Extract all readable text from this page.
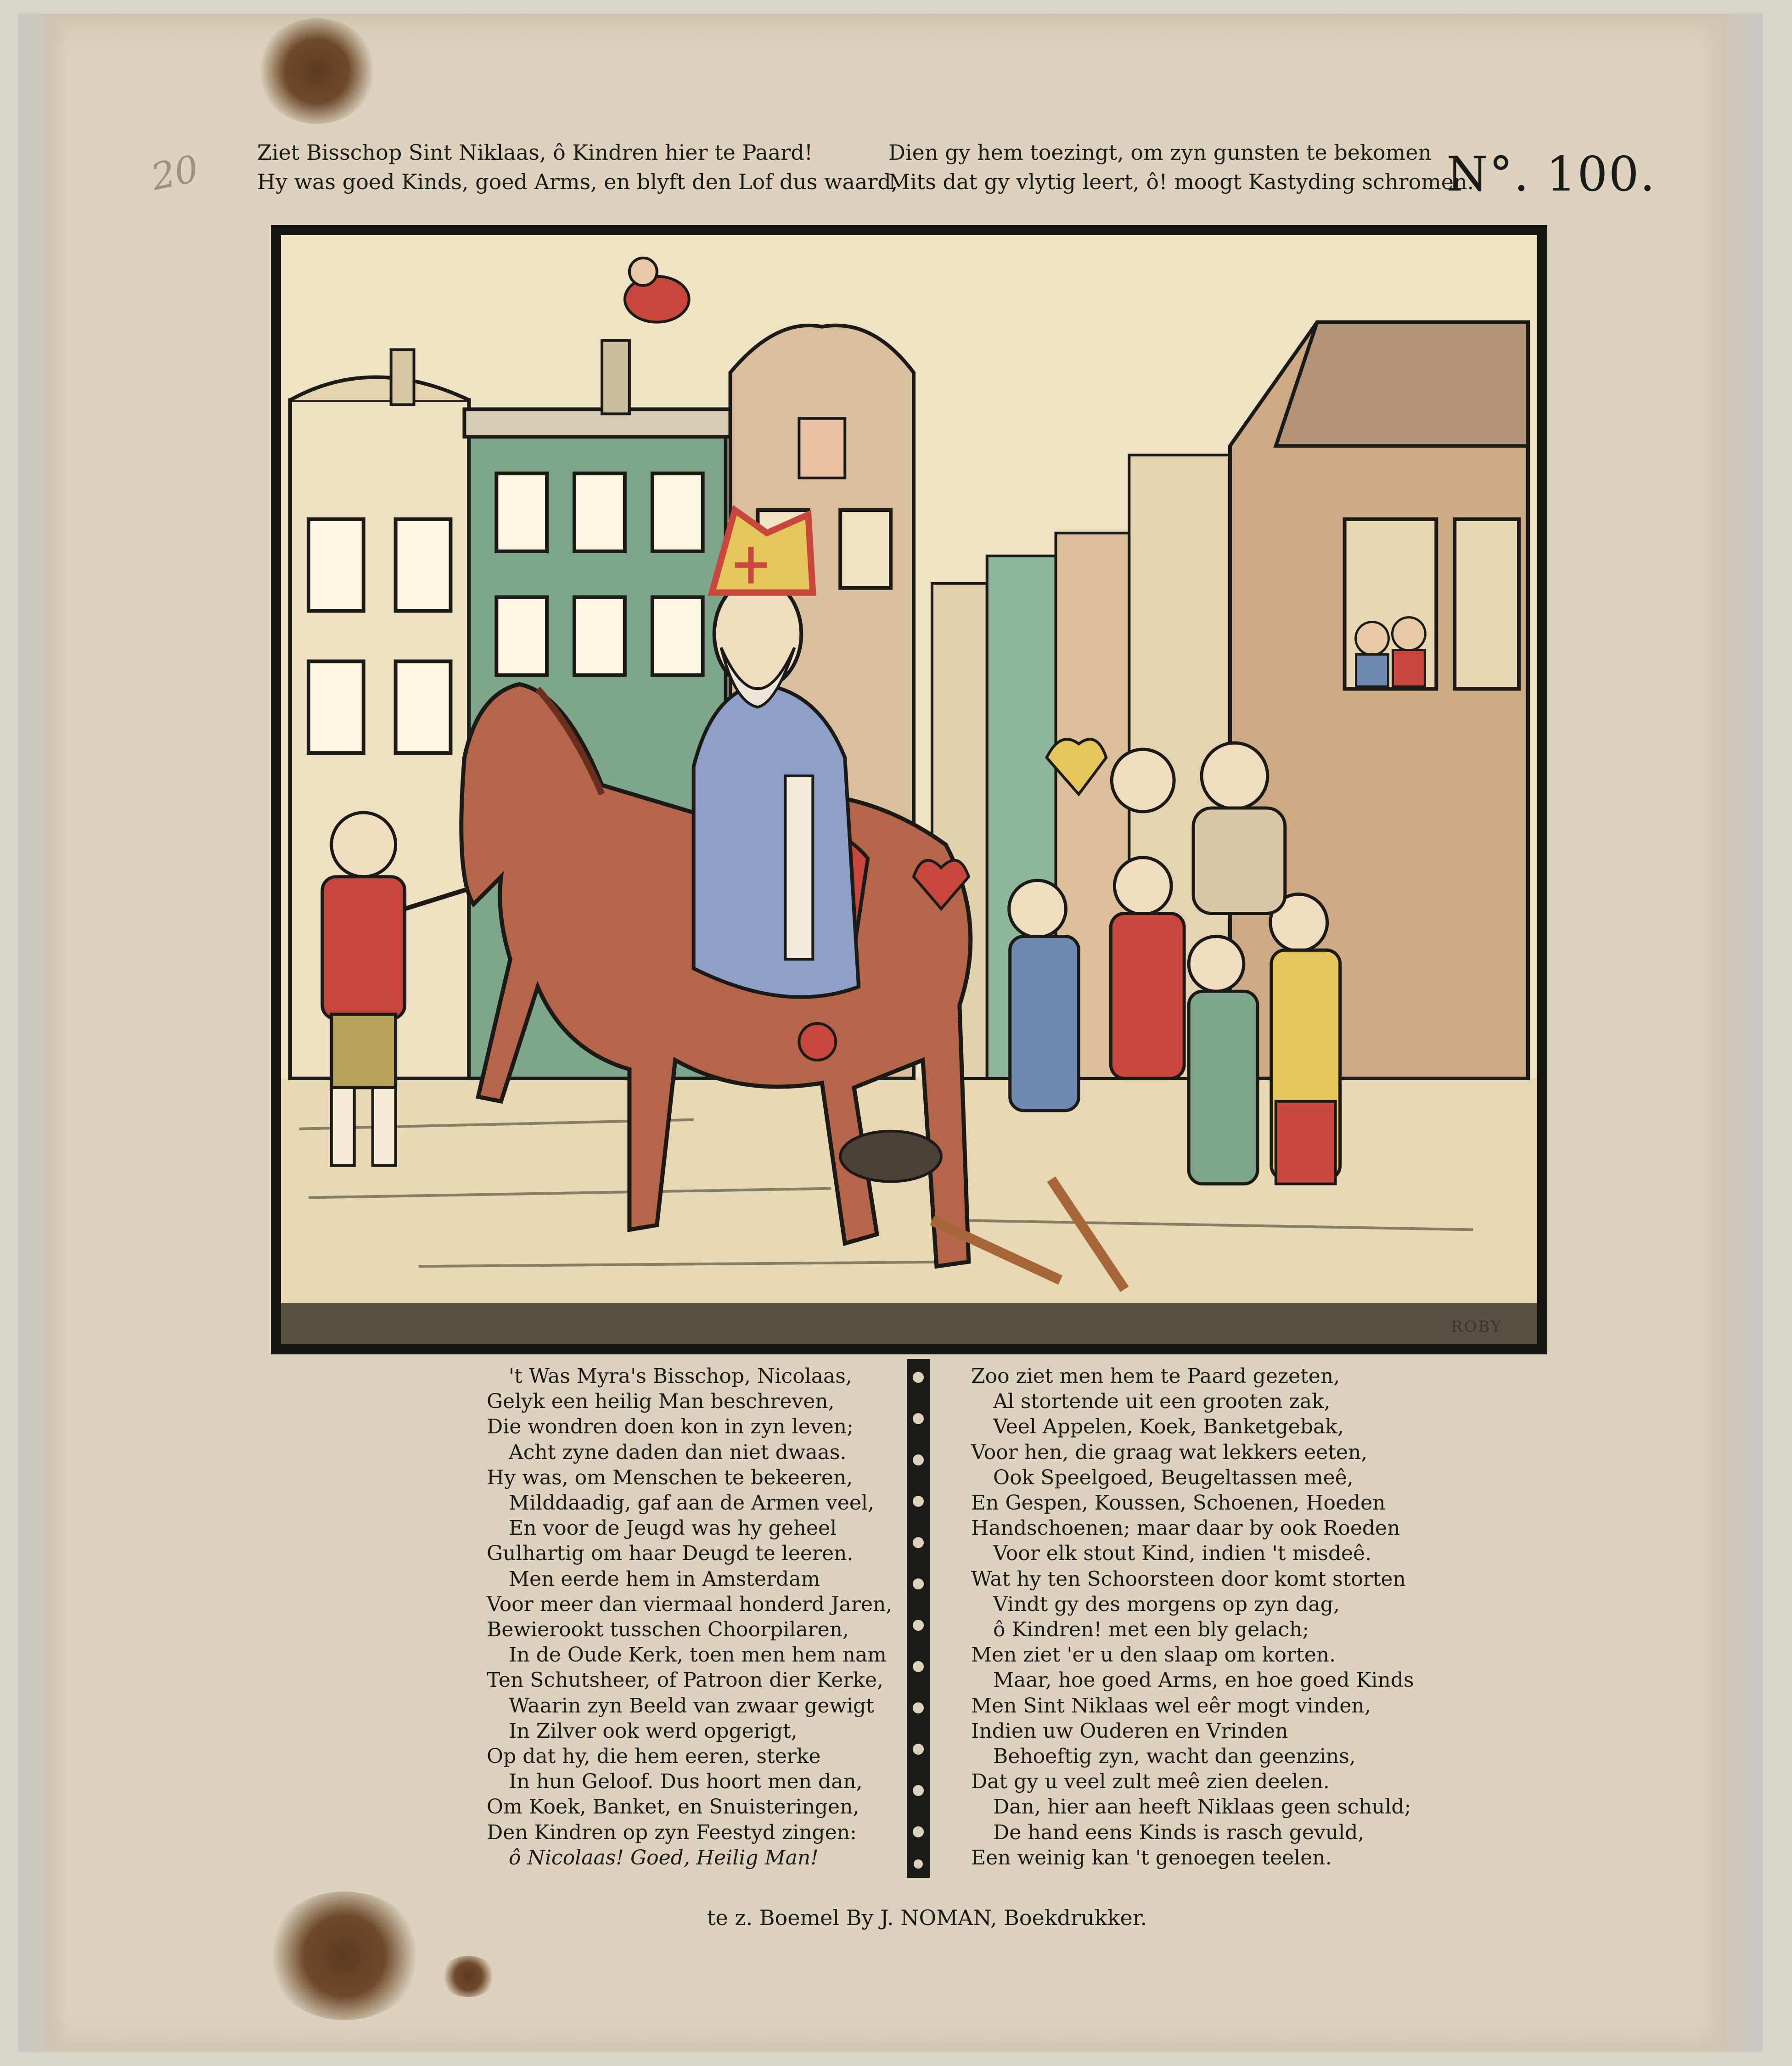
20	Ziet Bisschop Sint Niklaas, ô Kindren hier te Paard!
Hy was goed Kinds, goed Arms, en blyft den Lof dus waard,
Dien gy hem toezingt, om zyn gunsten te bekomen
Mits dat gy vlytig leert, ô! moogt Kastyding schromen.
N°. 100.
ROBY
't Was Myra's Bisschop, Nicolaas,
Gelyk een heilig Man beschreven,
Die wondren doen kon in zyn leven;
Acht zyne daden dan niet dwaas.
Hy was, om Menschen te bekeeren,
Milddaadig, gaf aan de Armen veel,
En voor de Jeugd was hy geheel
Gulhartig om haar Deugd te leeren.
Men eerde hem in Amsterdam
Voor meer dan viermaal honderd Jaren,
Bewierookt tusschen Choorpilaren,
In de Oude Kerk, toen men hem nam
Ten Schutsheer, of Patroon dier Kerke,
Waarin zyn Beeld van zwaar gewigt
In Zilver ook werd opgerigt,
Op dat hy, die hem eeren, sterke
In hun Geloof. Dus hoort men dan,
Om Koek, Banket, en Snuisteringen,
Den Kindren op zyn Feestyd zingen:
ô Nicolaas! Goed, Heilig Man!
Zoo ziet men hem te Paard gezeten,
Al stortende uit een grooten zak,
Veel Appelen, Koek, Banketgebak,
Voor hen, die graag wat lekkers eeten,
Ook Speelgoed, Beugeltassen meê,
En Gespen, Koussen, Schoenen, Hoeden
Handschoenen; maar daar by ook Roeden
Voor elk stout Kind, indien 't misdeê.
Wat hy ten Schoorsteen door komt storten
Vindt gy des morgens op zyn dag,
ô Kindren! met een bly gelach;
Men ziet 'er u den slaap om korten.
Maar, hoe goed Arms, en hoe goed Kinds
Men Sint Niklaas wel eêr mogt vinden,
Indien uw Ouderen en Vrinden
Behoeftig zyn, wacht dan geenzins,
Dat gy u veel zult meê zien deelen.
Dan, hier aan heeft Niklaas geen schuld;
De hand eens Kinds is rasch gevuld,
Een weinig kan 't genoegen teelen.
te z. Boemel By J. NOMAN, Boekdrukker.
